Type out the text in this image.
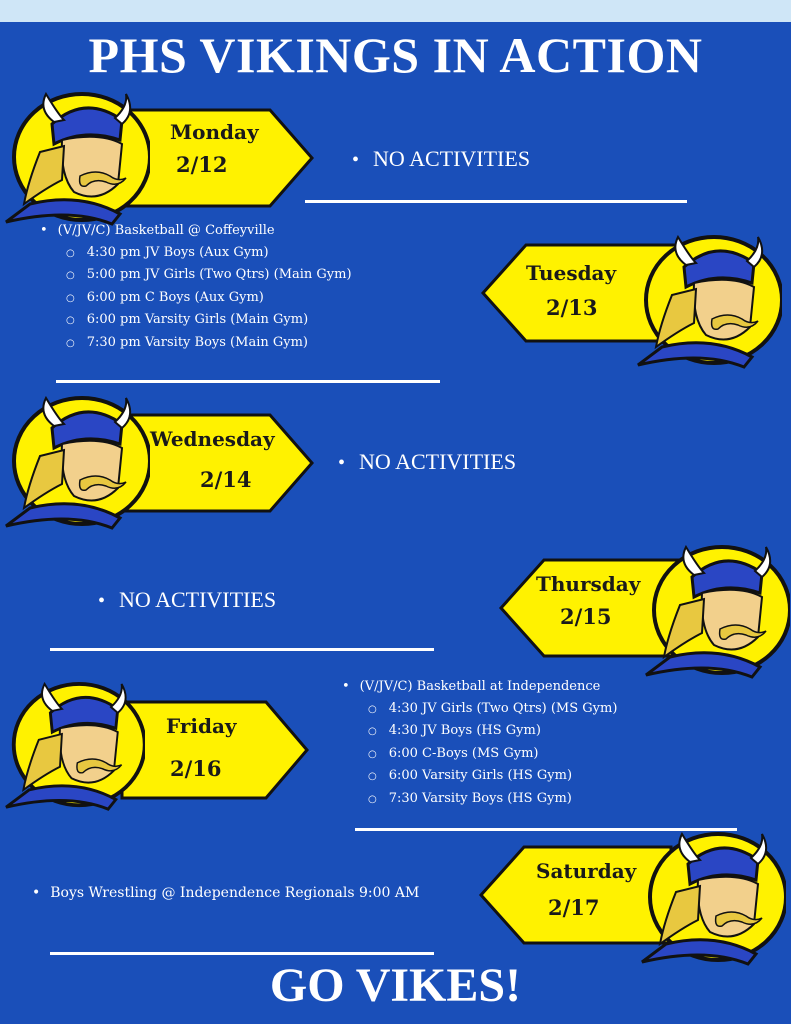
PHS VIKINGS IN ACTION
Monday
2/12
•	NO ACTIVITIES
• (V/JV/C) Basketball @ Coffeyville
○ 4:30 pm JV Boys (Aux Gym)
○ 5:00 pm JV Girls (Two Qtrs) (Main Gym)
○ 6:00 pm C Boys (Aux Gym)
○ 6:00 pm Varsity Girls (Main Gym)
○ 7:30 pm Varsity Boys (Main Gym)
Tuesday
2/13
Wednesday
2/14
• NO ACTIVITIES
• NO ACTIVITIES
Thursday
2/15
Friday
2/16
• (V/JV/C) Basketball at Independence
○ 4:30 JV Girls (Two Qtrs) (MS Gym)
○ 4:30 JV Boys (HS Gym)
○ 6:00 C-Boys (MS Gym)
○ 6:00 Varsity Girls (HS Gym)
○ 7:30 Varsity Boys (HS Gym)
• Boys Wrestling @ Independence Regionals 9:00 AM
Saturday
2/17
GO VIKES!
